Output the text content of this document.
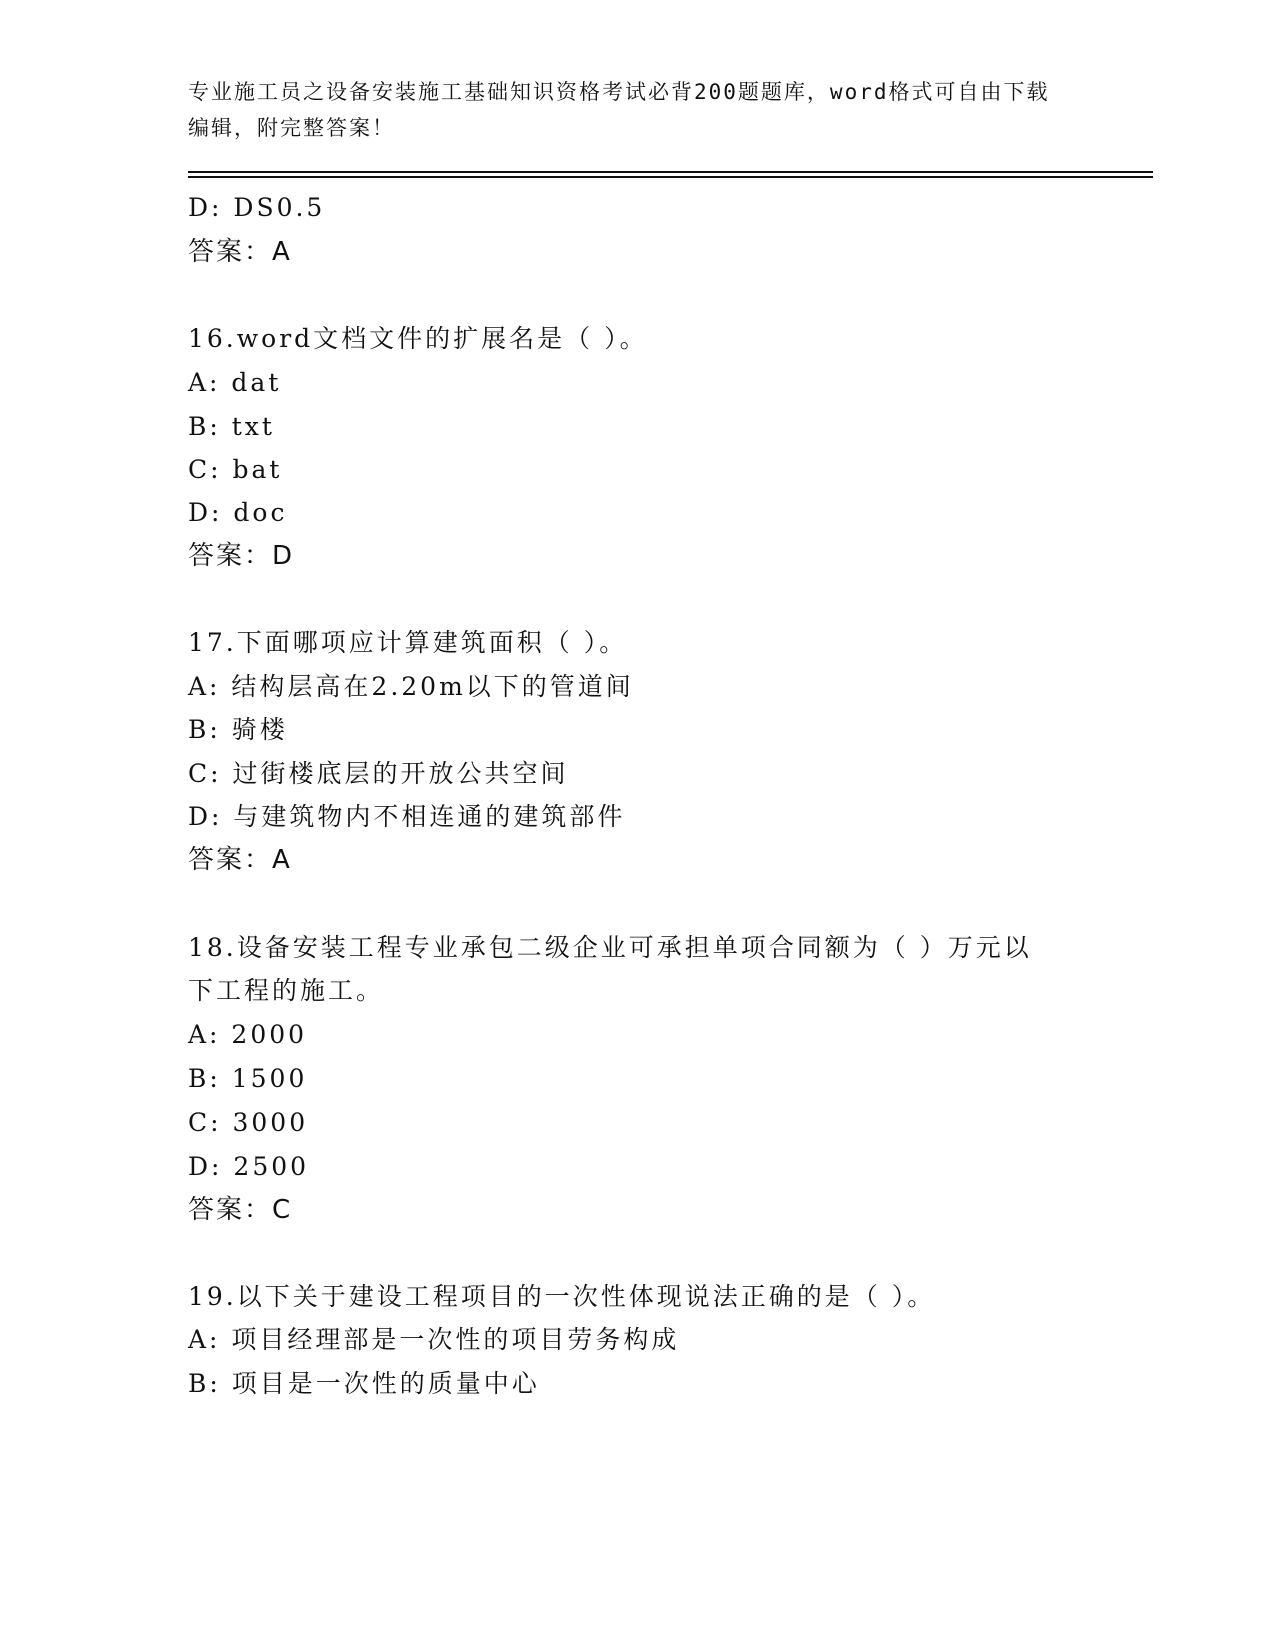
专业施工员之设备安装施工基础知识资格考试必背200题题库，word格式可自由下载编辑，附完整答案！
D: DS0.5
答案：A
16.word文档文件的扩展名是（ ）。
A: dat
B: txt
C: bat
D: doc
答案：D
17.下面哪项应计算建筑面积（ ）。
A: 结构层高在2.20m以下的管道间
B: 骑楼
C: 过街楼底层的开放公共空间
D: 与建筑物内不相连通的建筑部件
答案：A
18.设备安装工程专业承包二级企业可承担单项合同额为（ ）万元以
下工程的施工。
A: 2000
B: 1500
C: 3000
D: 2500
答案：C
19.以下关于建设工程项目的一次性体现说法正确的是（ ）。
A: 项目经理部是一次性的项目劳务构成
B: 项目是一次性的质量中心
